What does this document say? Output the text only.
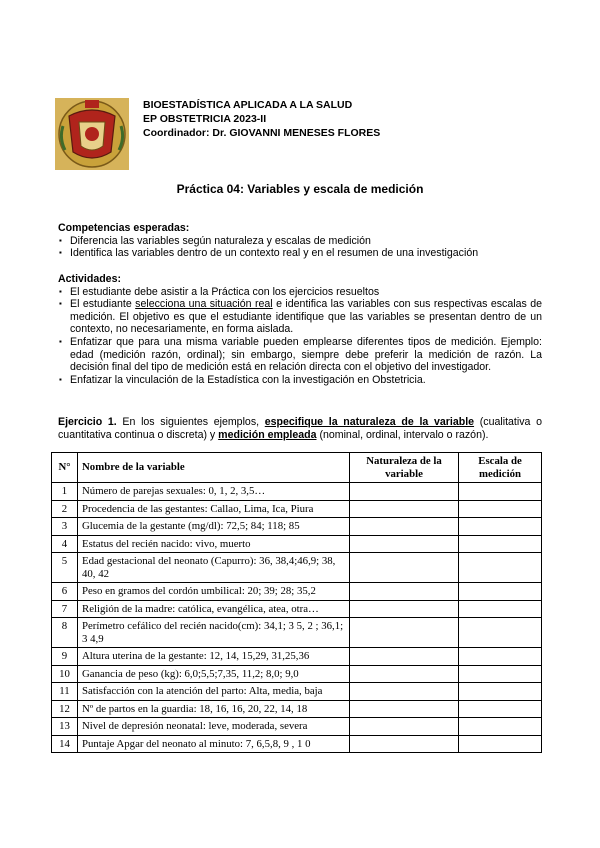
BIOESTADÍSTICA APLICADA A LA SALUD
EP OBSTETRICIA 2023-II
Coordinador: Dr. GIOVANNI MENESES FLORES
Práctica 04: Variables y escala de medición
Competencias esperadas:
▪ Diferencia las variables según naturaleza y escalas de medición
▪ Identifica las variables dentro de un contexto real y en el resumen de una investigación
Actividades:
▪ El estudiante debe asistir a la Práctica con los ejercicios resueltos
▪ El estudiante selecciona una situación real e identifica las variables con sus respectivas escalas de medición. El objetivo es que el estudiante identifique que las variables se presentan dentro de un contexto, no necesariamente, en forma aislada.
▪ Enfatizar que para una misma variable pueden emplearse diferentes tipos de medición. Ejemplo: edad (medición razón, ordinal); sin embargo, siempre debe preferir la medición de razón. La decisión final del tipo de medición está en relación directa con el objetivo del investigador.
▪ Enfatizar la vinculación de la Estadística con la investigación en Obstetricia.
Ejercicio 1. En los siguientes ejemplos, especifique la naturaleza de la variable (cualitativa o cuantitativa continua o discreta) y medición empleada (nominal, ordinal, intervalo o razón).
N°	Nombre de la variable	Naturaleza de la variable	Escala de medición
1	Número de parejas sexuales: 0, 1, 2, 3,5…		
2	Procedencia de las gestantes: Callao, Lima, Ica, Piura		
3	Glucemia de la gestante (mg/dl): 72,5; 84; 118; 85		
4	Estatus del recién nacido: vivo, muerto		
5	Edad gestacional del neonato (Capurro): 36, 38,4;46,9; 38, 40, 42		
6	Peso en gramos del cordón umbilical: 20; 39; 28; 35,2		
7	Religión de la madre: católica, evangélica, atea, otra…		
8	Perímetro cefálico del recién nacido(cm): 34,1; 3 5, 2 ; 36,1; 3 4,9		
9	Altura uterina de la gestante: 12, 14, 15,29, 31,25,36		
10	Ganancia de peso (kg): 6,0;5,5;7,35, 11,2; 8,0; 9,0		
11	Satisfacción con la atención del parto: Alta, media, baja		
12	Nº de partos en la guardia: 18, 16, 16, 20, 22, 14, 18		
13	Nivel de depresión neonatal: leve, moderada, severa		
14	Puntaje Apgar del neonato al minuto: 7, 6,5,8, 9 , 1 0		
